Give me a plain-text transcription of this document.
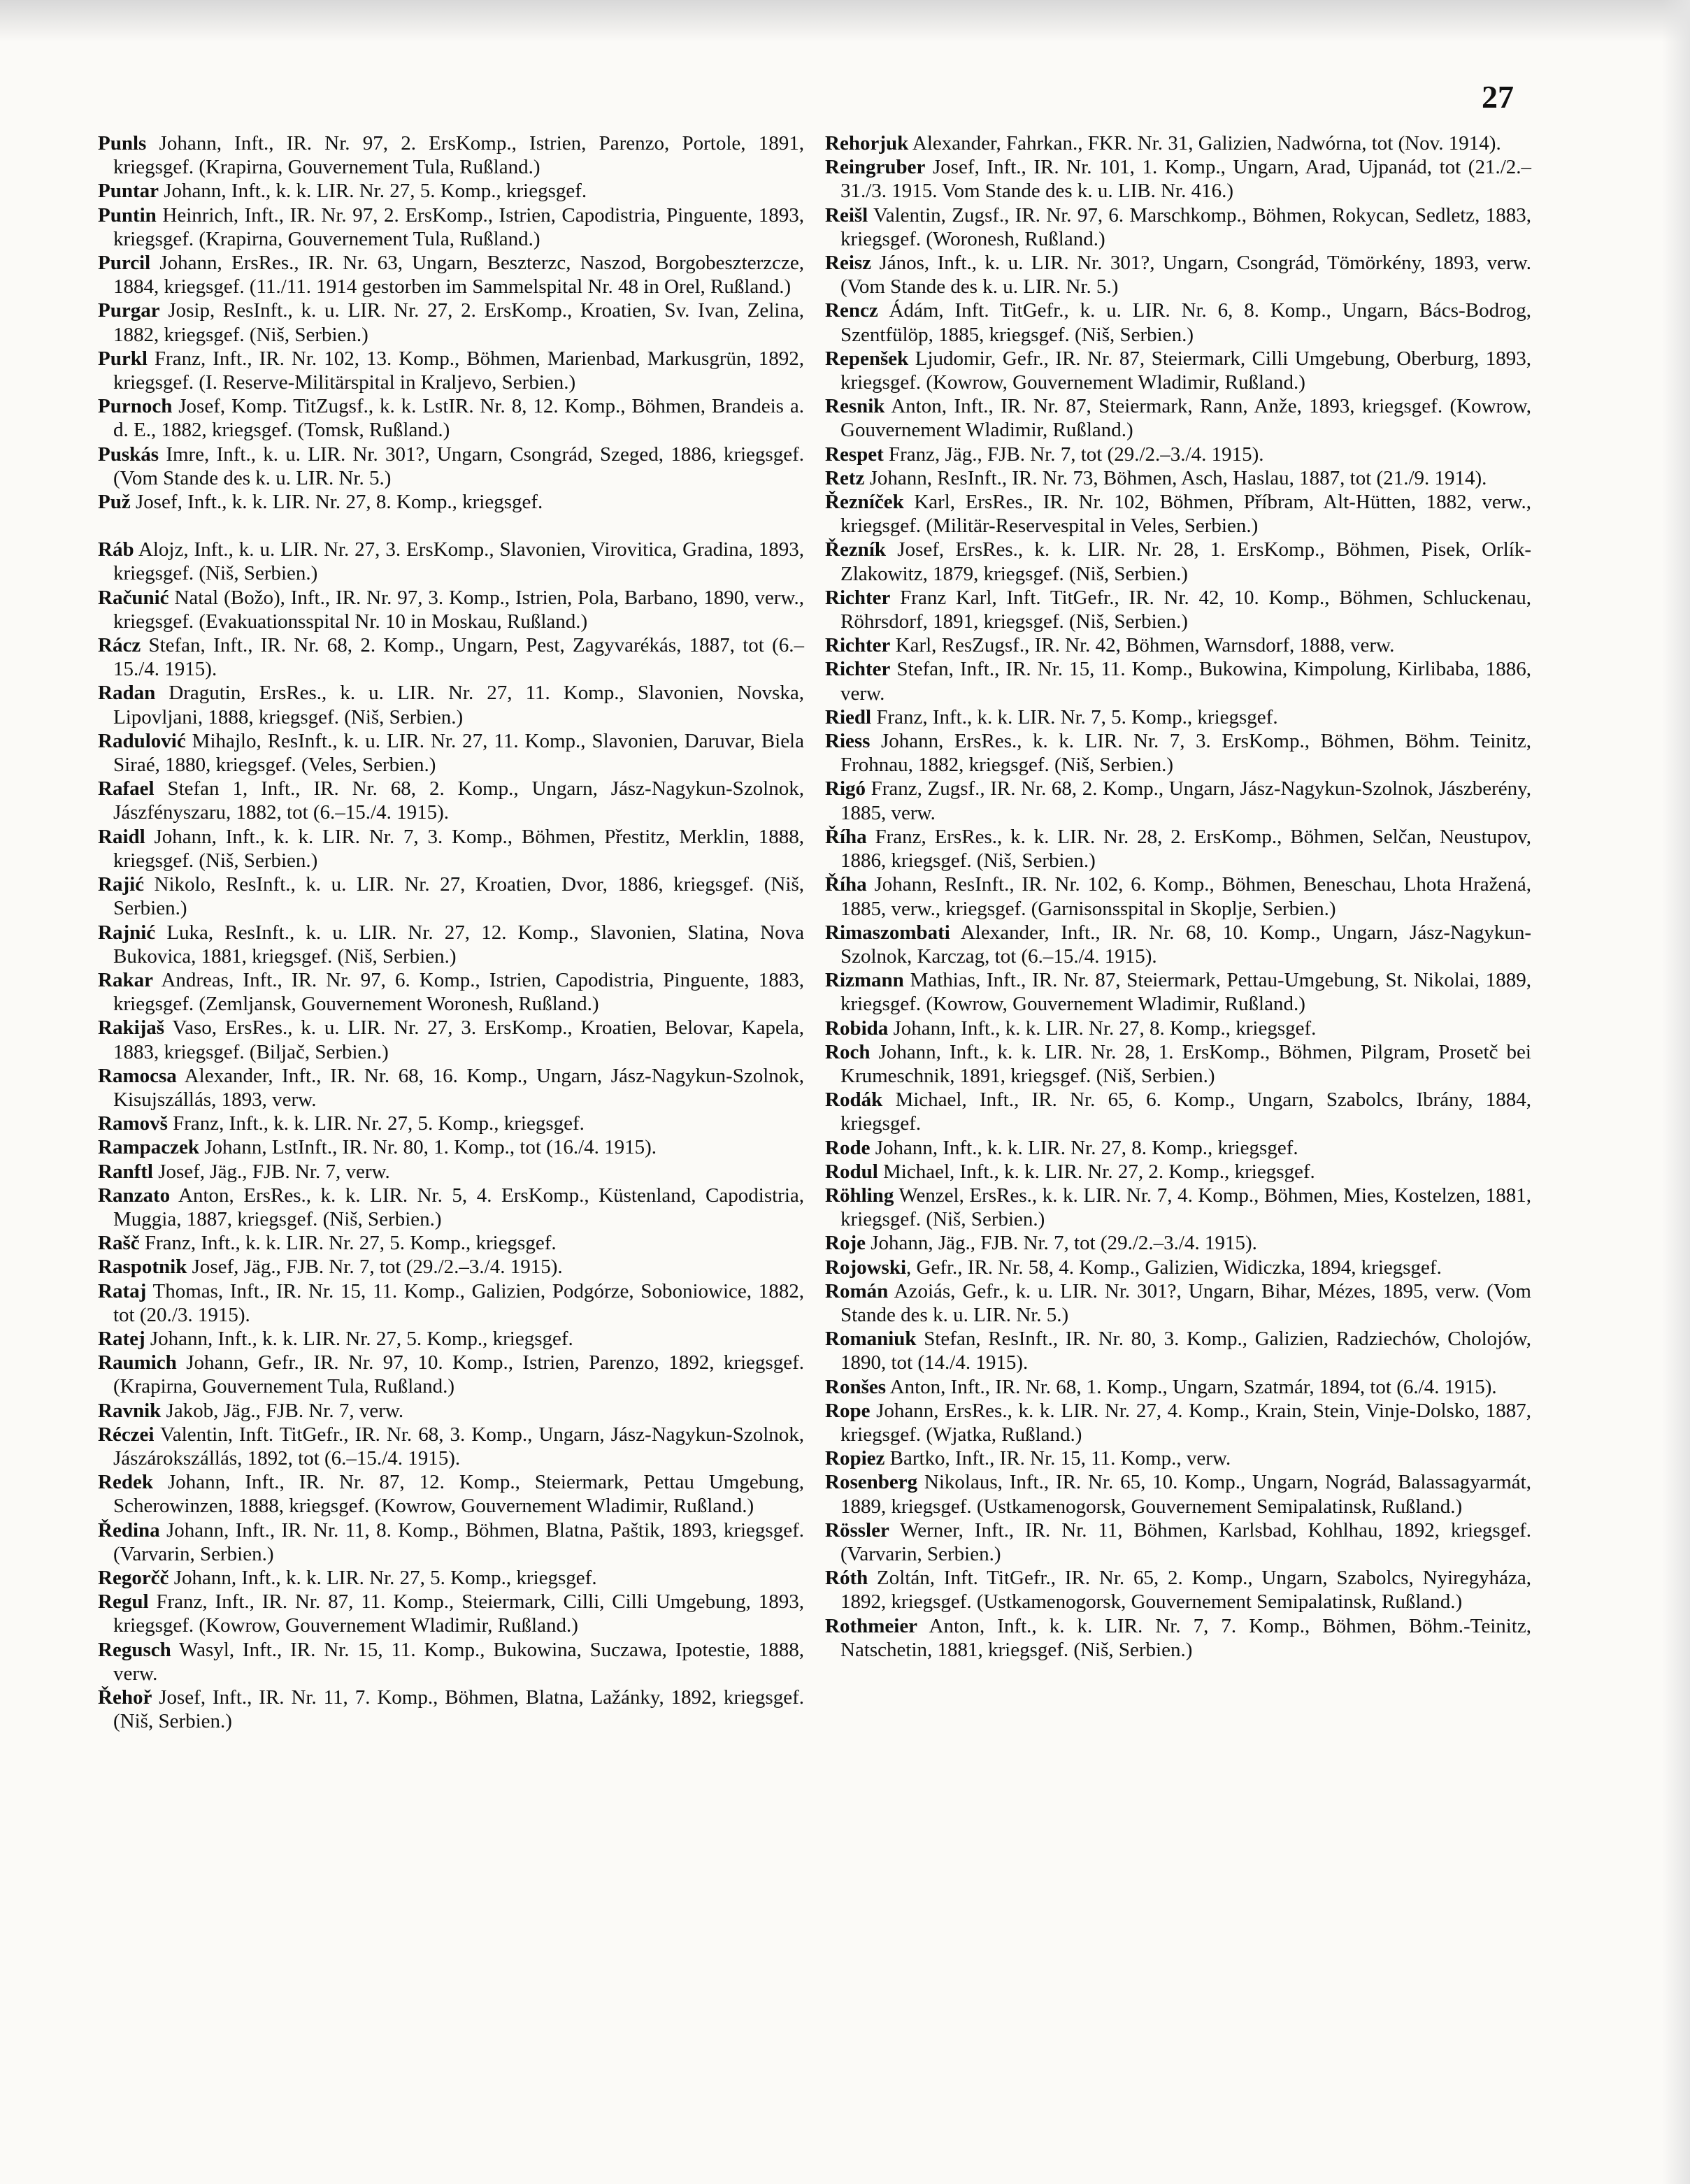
27

Punls Johann, Inft., IR. Nr. 97, 2. ErsKomp., Istrien, Parenzo, Portole, 1891, kriegsgef. (Krapirna, Gouvernement Tula, Rußland.)

Puntar Johann, Inft., k. k. LIR. Nr. 27, 5. Komp., kriegsgef.

Puntin Heinrich, Inft., IR. Nr. 97, 2. ErsKomp., Istrien, Capodistria, Pinguente, 1893, kriegsgef. (Krapirna, Gouvernement Tula, Rußland.)

Purcil Johann, ErsRes., IR. Nr. 63, Ungarn, Beszterzc, Naszod, Borgobeszterzcze, 1884, kriegsgef. (11./11. 1914 gestorben im Sammelspital Nr. 48 in Orel, Rußland.)

Purgar Josip, ResInft., k. u. LIR. Nr. 27, 2. ErsKomp., Kroatien, Sv. Ivan, Zelina, 1882, kriegsgef. (Niš, Serbien.)

Purkl Franz, Inft., IR. Nr. 102, 13. Komp., Böhmen, Marienbad, Markusgrün, 1892, kriegsgef. (I. Reserve-Militärspital in Kraljevo, Serbien.)

Purnoch Josef, Komp. TitZugsf., k. k. LstIR. Nr. 8, 12. Komp., Böhmen, Brandeis a. d. E., 1882, kriegsgef. (Tomsk, Rußland.)

Puskás Imre, Inft., k. u. LIR. Nr. 301?, Ungarn, Csongrád, Szeged, 1886, kriegsgef. (Vom Stande des k. u. LIR. Nr. 5.)

Puž Josef, Inft., k. k. LIR. Nr. 27, 8. Komp., kriegsgef.

Ráb Alojz, Inft., k. u. LIR. Nr. 27, 3. ErsKomp., Slavonien, Virovitica, Gradina, 1893, kriegsgef. (Niš, Serbien.)

Računić Natal (Božo), Inft., IR. Nr. 97, 3. Komp., Istrien, Pola, Barbano, 1890, verw., kriegsgef. (Evakuationsspital Nr. 10 in Moskau, Rußland.)

Rácz Stefan, Inft., IR. Nr. 68, 2. Komp., Ungarn, Pest, Zagyvarékás, 1887, tot (6.–15./4. 1915).

Radan Dragutin, ErsRes., k. u. LIR. Nr. 27, 11. Komp., Slavonien, Novska, Lipovljani, 1888, kriegsgef. (Niš, Serbien.)

Radulović Mihajlo, ResInft., k. u. LIR. Nr. 27, 11. Komp., Slavonien, Daruvar, Biela Siraé, 1880, kriegsgef. (Veles, Serbien.)

Rafael Stefan 1, Inft., IR. Nr. 68, 2. Komp., Ungarn, Jász-Nagykun-Szolnok, Jászfényszaru, 1882, tot (6.–15./4. 1915).

Raidl Johann, Inft., k. k. LIR. Nr. 7, 3. Komp., Böhmen, Přestitz, Merklin, 1888, kriegsgef. (Niš, Serbien.)

Rajić Nikolo, ResInft., k. u. LIR. Nr. 27, Kroatien, Dvor, 1886, kriegsgef. (Niš, Serbien.)

Rajnić Luka, ResInft., k. u. LIR. Nr. 27, 12. Komp., Slavonien, Slatina, Nova Bukovica, 1881, kriegsgef. (Niš, Serbien.)

Rakar Andreas, Inft., IR. Nr. 97, 6. Komp., Istrien, Capodistria, Pinguente, 1883, kriegsgef. (Zemljansk, Gouvernement Woronesh, Rußland.)

Rakijaš Vaso, ErsRes., k. u. LIR. Nr. 27, 3. ErsKomp., Kroatien, Belovar, Kapela, 1883, kriegsgef. (Biljač, Serbien.)

Ramocsa Alexander, Inft., IR. Nr. 68, 16. Komp., Ungarn, Jász-Nagykun-Szolnok, Kisujszállás, 1893, verw.

Ramovš Franz, Inft., k. k. LIR. Nr. 27, 5. Komp., kriegsgef.

Rampaczek Johann, LstInft., IR. Nr. 80, 1. Komp., tot (16./4. 1915).

Ranftl Josef, Jäg., FJB. Nr. 7, verw.

Ranzato Anton, ErsRes., k. k. LIR. Nr. 5, 4. ErsKomp., Küstenland, Capodistria, Muggia, 1887, kriegsgef. (Niš, Serbien.)

Rašč Franz, Inft., k. k. LIR. Nr. 27, 5. Komp., kriegsgef.

Raspotnik Josef, Jäg., FJB. Nr. 7, tot (29./2.–3./4. 1915).

Rataj Thomas, Inft., IR. Nr. 15, 11. Komp., Galizien, Podgórze, Soboniowice, 1882, tot (20./3. 1915).

Ratej Johann, Inft., k. k. LIR. Nr. 27, 5. Komp., kriegsgef.

Raumich Johann, Gefr., IR. Nr. 97, 10. Komp., Istrien, Parenzo, 1892, kriegsgef. (Krapirna, Gouvernement Tula, Rußland.)

Ravnik Jakob, Jäg., FJB. Nr. 7, verw.

Réczei Valentin, Inft. TitGefr., IR. Nr. 68, 3. Komp., Ungarn, Jász-Nagykun-Szolnok, Jászárokszállás, 1892, tot (6.–15./4. 1915).

Redek Johann, Inft., IR. Nr. 87, 12. Komp., Steiermark, Pettau Umgebung, Scherowinzen, 1888, kriegsgef. (Kowrow, Gouvernement Wladimir, Rußland.)

Ředina Johann, Inft., IR. Nr. 11, 8. Komp., Böhmen, Blatna, Paštik, 1893, kriegsgef. (Varvarin, Serbien.)

Regorčč Johann, Inft., k. k. LIR. Nr. 27, 5. Komp., kriegsgef.

Regul Franz, Inft., IR. Nr. 87, 11. Komp., Steiermark, Cilli, Cilli Umgebung, 1893, kriegsgef. (Kowrow, Gouvernement Wladimir, Rußland.)

Regusch Wasyl, Inft., IR. Nr. 15, 11. Komp., Bukowina, Suczawa, Ipotestie, 1888, verw.

Řehoř Josef, Inft., IR. Nr. 11, 7. Komp., Böhmen, Blatna, Lažánky, 1892, kriegsgef. (Niš, Serbien.)

Rehorjuk Alexander, Fahrkan., FKR. Nr. 31, Galizien, Nadwórna, tot (Nov. 1914).

Reingruber Josef, Inft., IR. Nr. 101, 1. Komp., Ungarn, Arad, Ujpanád, tot (21./2.–31./3. 1915. Vom Stande des k. u. LIB. Nr. 416.)

Reišl Valentin, Zugsf., IR. Nr. 97, 6. Marschkomp., Böhmen, Rokycan, Sedletz, 1883, kriegsgef. (Woronesh, Rußland.)

Reisz János, Inft., k. u. LIR. Nr. 301?, Ungarn, Csongrád, Tömörkény, 1893, verw. (Vom Stande des k. u. LIR. Nr. 5.)

Rencz Ádám, Inft. TitGefr., k. u. LIR. Nr. 6, 8. Komp., Ungarn, Bács-Bodrog, Szentfülöp, 1885, kriegsgef. (Niš, Serbien.)

Repenšek Ljudomir, Gefr., IR. Nr. 87, Steiermark, Cilli Umgebung, Oberburg, 1893, kriegsgef. (Kowrow, Gouvernement Wladimir, Rußland.)

Resnik Anton, Inft., IR. Nr. 87, Steiermark, Rann, Anže, 1893, kriegsgef. (Kowrow, Gouvernement Wladimir, Rußland.)

Respet Franz, Jäg., FJB. Nr. 7, tot (29./2.–3./4. 1915).

Retz Johann, ResInft., IR. Nr. 73, Böhmen, Asch, Haslau, 1887, tot (21./9. 1914).

Řezníček Karl, ErsRes., IR. Nr. 102, Böhmen, Příbram, Alt-Hütten, 1882, verw., kriegsgef. (Militär-Reservespital in Veles, Serbien.)

Řezník Josef, ErsRes., k. k. LIR. Nr. 28, 1. ErsKomp., Böhmen, Pisek, Orlík-Zlakowitz, 1879, kriegsgef. (Niš, Serbien.)

Richter Franz Karl, Inft. TitGefr., IR. Nr. 42, 10. Komp., Böhmen, Schluckenau, Röhrsdorf, 1891, kriegsgef. (Niš, Serbien.)

Richter Karl, ResZugsf., IR. Nr. 42, Böhmen, Warnsdorf, 1888, verw.

Richter Stefan, Inft., IR. Nr. 15, 11. Komp., Bukowina, Kimpolung, Kirlibaba, 1886, verw.

Riedl Franz, Inft., k. k. LIR. Nr. 7, 5. Komp., kriegsgef.

Riess Johann, ErsRes., k. k. LIR. Nr. 7, 3. ErsKomp., Böhmen, Böhm. Teinitz, Frohnau, 1882, kriegsgef. (Niš, Serbien.)

Rigó Franz, Zugsf., IR. Nr. 68, 2. Komp., Ungarn, Jász-Nagykun-Szolnok, Jászberény, 1885, verw.

Říha Franz, ErsRes., k. k. LIR. Nr. 28, 2. ErsKomp., Böhmen, Selčan, Neustupov, 1886, kriegsgef. (Niš, Serbien.)

Říha Johann, ResInft., IR. Nr. 102, 6. Komp., Böhmen, Beneschau, Lhota Hražená, 1885, verw., kriegsgef. (Garnisonsspital in Skoplje, Serbien.)

Rimaszombati Alexander, Inft., IR. Nr. 68, 10. Komp., Ungarn, Jász-Nagykun-Szolnok, Karczag, tot (6.–15./4. 1915).

Rizmann Mathias, Inft., IR. Nr. 87, Steiermark, Pettau-Umgebung, St. Nikolai, 1889, kriegsgef. (Kowrow, Gouvernement Wladimir, Rußland.)

Robida Johann, Inft., k. k. LIR. Nr. 27, 8. Komp., kriegsgef.

Roch Johann, Inft., k. k. LIR. Nr. 28, 1. ErsKomp., Böhmen, Pilgram, Prosetč bei Krumeschnik, 1891, kriegsgef. (Niš, Serbien.)

Rodák Michael, Inft., IR. Nr. 65, 6. Komp., Ungarn, Szabolcs, Ibrány, 1884, kriegsgef.

Rode Johann, Inft., k. k. LIR. Nr. 27, 8. Komp., kriegsgef.

Rodul Michael, Inft., k. k. LIR. Nr. 27, 2. Komp., kriegsgef.

Röhling Wenzel, ErsRes., k. k. LIR. Nr. 7, 4. Komp., Böhmen, Mies, Kostelzen, 1881, kriegsgef. (Niš, Serbien.)

Roje Johann, Jäg., FJB. Nr. 7, tot (29./2.–3./4. 1915).

Rojowski, Gefr., IR. Nr. 58, 4. Komp., Galizien, Widiczka, 1894, kriegsgef.

Román Azoiás, Gefr., k. u. LIR. Nr. 301?, Ungarn, Bihar, Mézes, 1895, verw. (Vom Stande des k. u. LIR. Nr. 5.)

Romaniuk Stefan, ResInft., IR. Nr. 80, 3. Komp., Galizien, Radziechów, Cholojów, 1890, tot (14./4. 1915).

Ronšes Anton, Inft., IR. Nr. 68, 1. Komp., Ungarn, Szatmár, 1894, tot (6./4. 1915).

Rope Johann, ErsRes., k. k. LIR. Nr. 27, 4. Komp., Krain, Stein, Vinje-Dolsko, 1887, kriegsgef. (Wjatka, Rußland.)

Ropiez Bartko, Inft., IR. Nr. 15, 11. Komp., verw.

Rosenberg Nikolaus, Inft., IR. Nr. 65, 10. Komp., Ungarn, Nográd, Balassagyarmát, 1889, kriegsgef. (Ustkamenogorsk, Gouvernement Semipalatinsk, Rußland.)

Rössler Werner, Inft., IR. Nr. 11, Böhmen, Karlsbad, Kohlhau, 1892, kriegsgef. (Varvarin, Serbien.)

Róth Zoltán, Inft. TitGefr., IR. Nr. 65, 2. Komp., Ungarn, Szabolcs, Nyiregyháza, 1892, kriegsgef. (Ustkamenogorsk, Gouvernement Semipalatinsk, Rußland.)

Rothmeier Anton, Inft., k. k. LIR. Nr. 7, 7. Komp., Böhmen, Böhm.-Teinitz, Natschetin, 1881, kriegsgef. (Niš, Serbien.)
